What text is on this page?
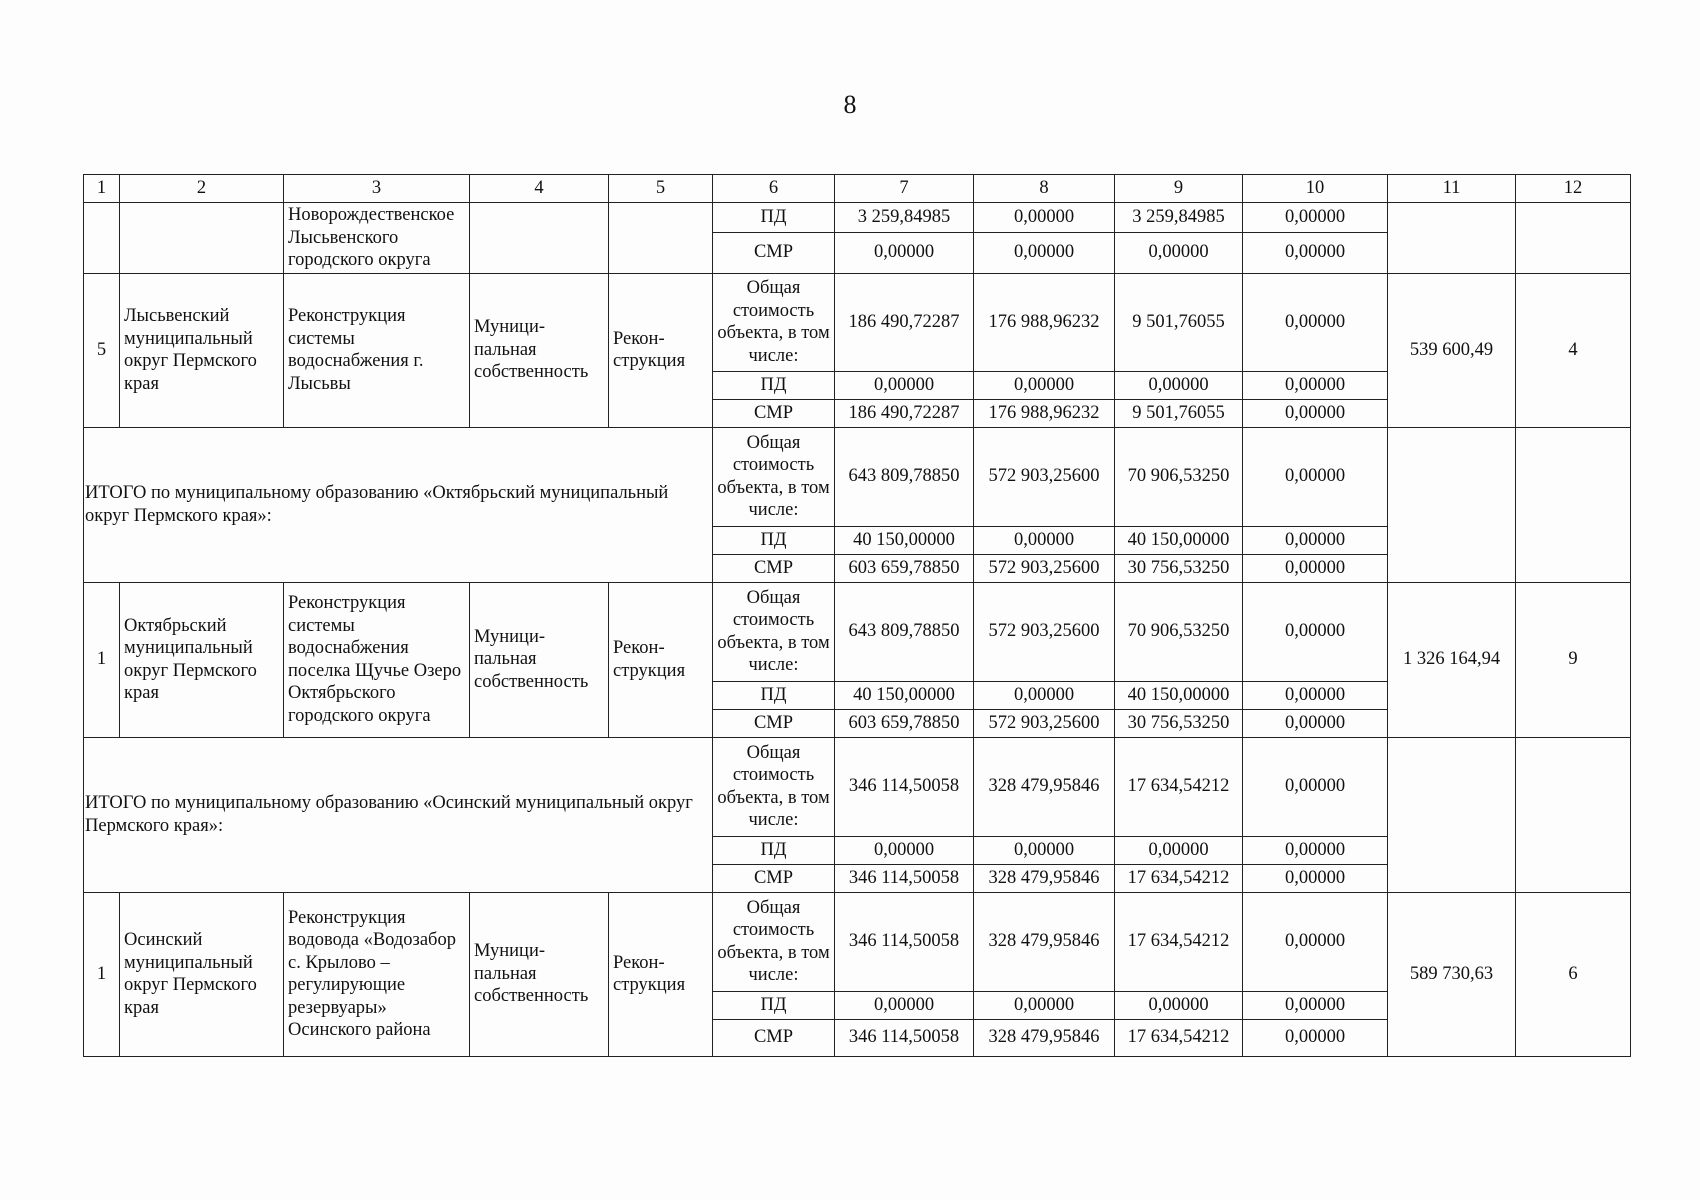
8
1	2	3	4	5	6	7	8	9	10	11	12
		Новорождественское Лысьвенского городского округа			ПД	3 259,84985	0,00000	3 259,84985	0,00000		
					СМР	0,00000	0,00000	0,00000	0,00000		
5	Лысьвенский муниципальный округ Пермского края	Реконструкция системы водоснабжения г. Лысьвы	Муници-пальная собственность	Рекон-струкция	Общая стоимость объекта, в том числе:	186 490,72287	176 988,96232	9 501,76055	0,00000	539 600,49	4
					ПД	0,00000	0,00000	0,00000	0,00000		
					СМР	186 490,72287	176 988,96232	9 501,76055	0,00000		
ИТОГО по муниципальному образованию «Октябрьский муниципальный округ Пермского края»:					Общая стоимость объекта, в том числе:	643 809,78850	572 903,25600	70 906,53250	0,00000		
					ПД	40 150,00000	0,00000	40 150,00000	0,00000		
					СМР	603 659,78850	572 903,25600	30 756,53250	0,00000		
1	Октябрьский муниципальный округ Пермского края	Реконструкция системы водоснабжения поселка Щучье Озеро Октябрьского городского округа	Муници-пальная собственность	Рекон-струкция	Общая стоимость объекта, в том числе:	643 809,78850	572 903,25600	70 906,53250	0,00000	1 326 164,94	9
					ПД	40 150,00000	0,00000	40 150,00000	0,00000		
					СМР	603 659,78850	572 903,25600	30 756,53250	0,00000		
ИТОГО по муниципальному образованию «Осинский муниципальный округ Пермского края»:					Общая стоимость объекта, в том числе:	346 114,50058	328 479,95846	17 634,54212	0,00000		
					ПД	0,00000	0,00000	0,00000	0,00000		
					СМР	346 114,50058	328 479,95846	17 634,54212	0,00000		
1	Осинский муниципальный округ Пермского края	Реконструкция водовода «Водозабор с. Крылово – регулирующие резервуары» Осинского района	Муници-пальная собственность	Рекон-струкция	Общая стоимость объекта, в том числе:	346 114,50058	328 479,95846	17 634,54212	0,00000	589 730,63	6
					ПД	0,00000	0,00000	0,00000	0,00000		
					СМР	346 114,50058	328 479,95846	17 634,54212	0,00000		
